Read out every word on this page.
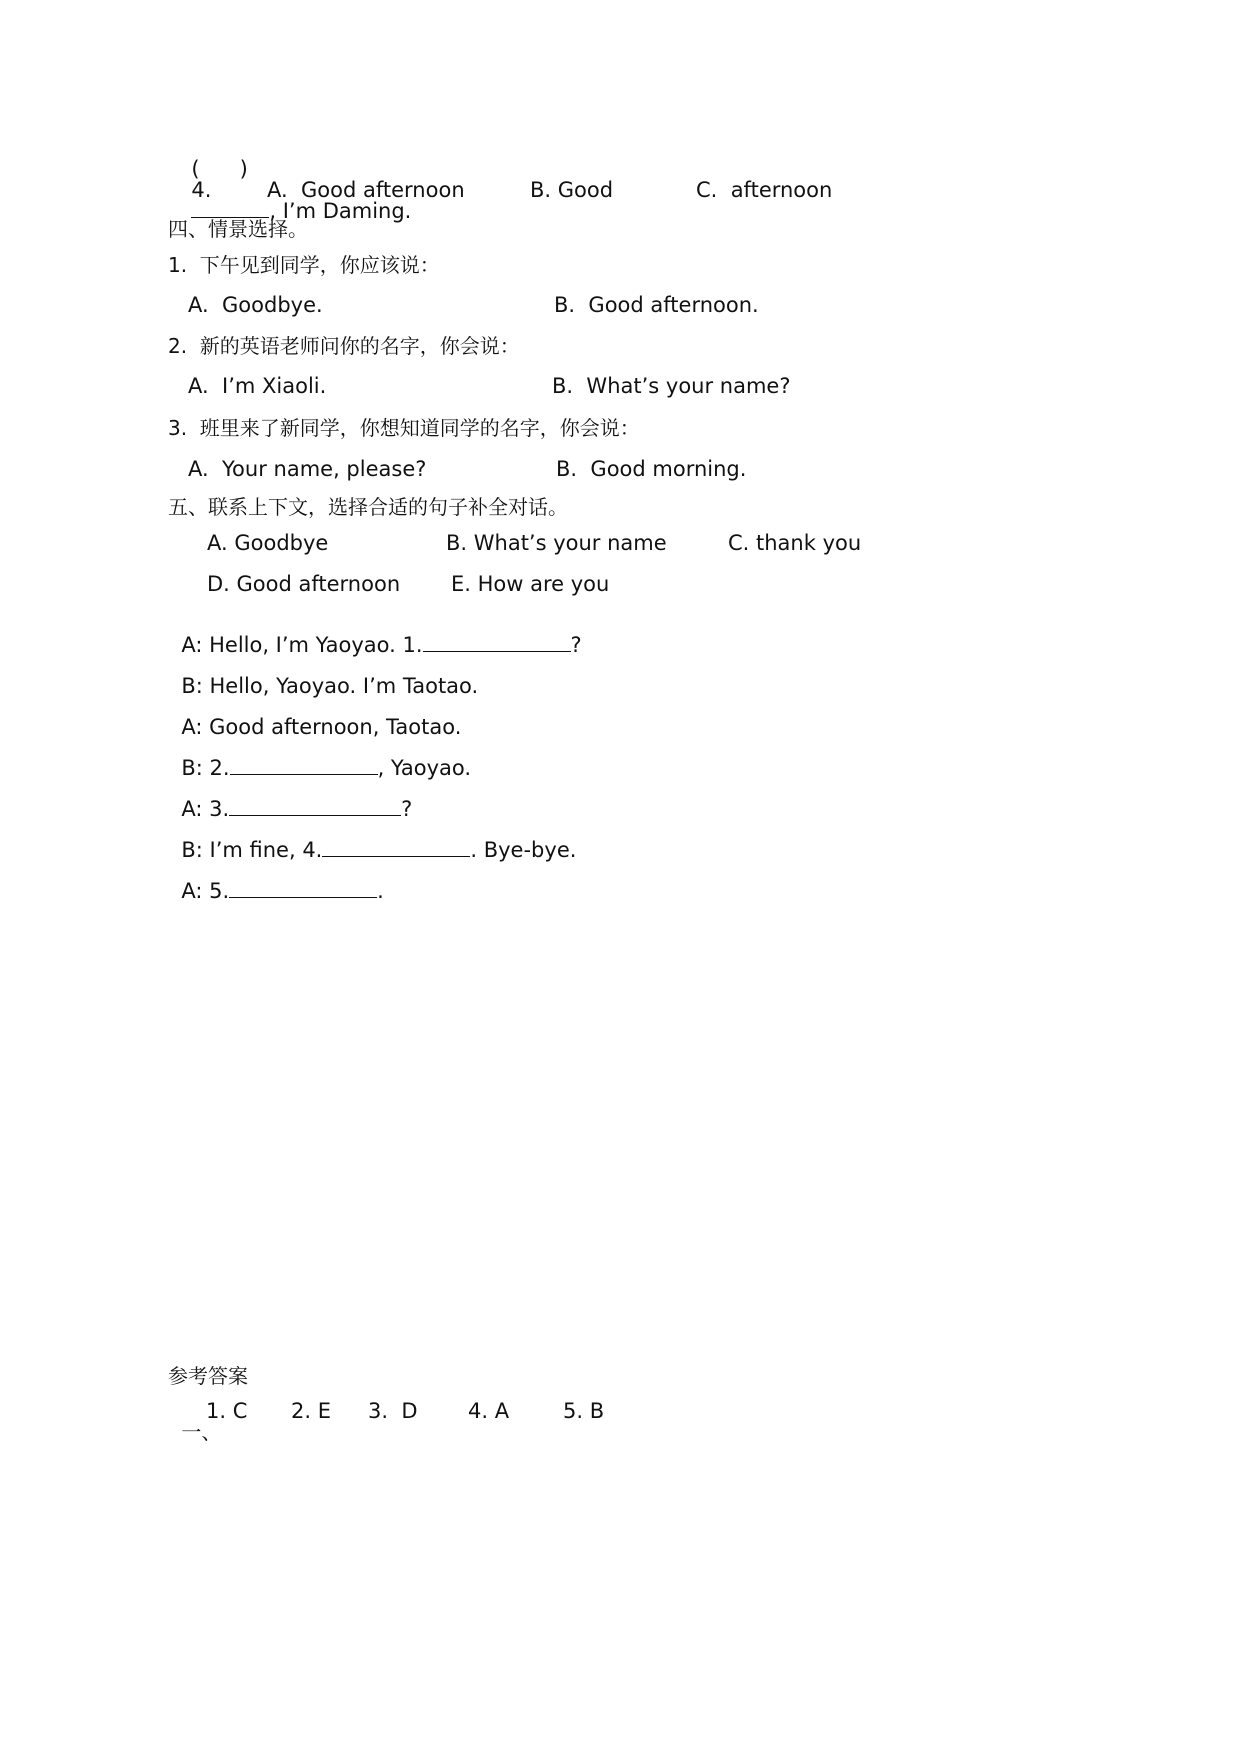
( )
4.
, I’m Daming.

A.  Good afternoon	B. Good	C.  afternoon
四、情景选择。
1.  下午见到同学，你应该说：
A.  Goodbye.	B.  Good afternoon.
2.  新的英语老师问你的名字，你会说：
A.  I’m Xiaoli.	B.  What’s your name?
3.  班里来了新同学，你想知道同学的名字，你会说：
A.  Your name, please?	B.  Good morning.
五、联系上下文，选择合适的句子补全对话。
A. Goodbye	B. What’s your name	C. thank you
D. Good afternoon E. How are you

A: Hello, I’m Yaoyao. 1.	?

B: Hello, Yaoyao. I’m Taotao.

A: Good afternoon, Taotao.

B: 2.	, Yaoyao.

A: 3.	?

B: I’m fine, 4.	. Bye-bye.

A: 5.	.

参考答案

一、

1. C 2. E 3.  D 4. A	5. B
